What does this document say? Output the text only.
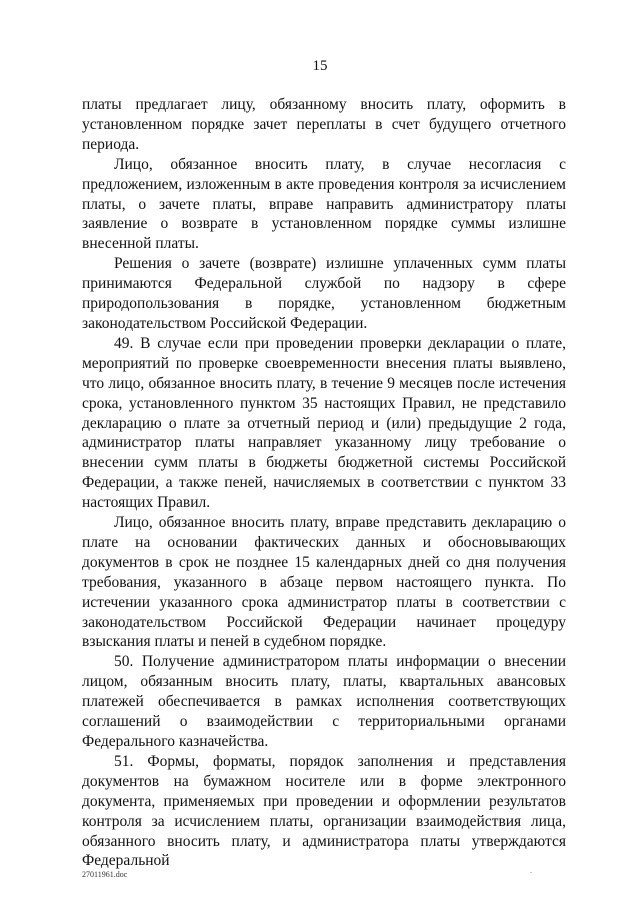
15

платы предлагает лицу, обязанному вносить плату, оформить в установленном порядке зачет переплаты в счет будущего отчетного периода.

Лицо, обязанное вносить плату, в случае несогласия с предложением, изложенным в акте проведения контроля за исчислением платы, о зачете платы, вправе направить администратору платы заявление о возврате в установленном порядке суммы излишне внесенной платы.

Решения о зачете (возврате) излишне уплаченных сумм платы принимаются Федеральной службой по надзору в сфере природопользования в порядке, установленном бюджетным законодательством Российской Федерации.

49. В случае если при проведении проверки декларации о плате, мероприятий по проверке своевременности внесения платы выявлено, что лицо, обязанное вносить плату, в течение 9 месяцев после истечения срока, установленного пунктом 35 настоящих Правил, не представило декларацию о плате за отчетный период и (или) предыдущие 2 года, администратор платы направляет указанному лицу требование о внесении сумм платы в бюджеты бюджетной системы Российской Федерации, а также пеней, начисляемых в соответствии с пунктом 33 настоящих Правил.

Лицо, обязанное вносить плату, вправе представить декларацию о плате на основании фактических данных и обосновывающих документов в срок не позднее 15 календарных дней со дня получения требования, указанного в абзаце первом настоящего пункта. По истечении указанного срока администратор платы в соответствии с законодательством Российской Федерации начинает процедуру взыскания платы и пеней в судебном порядке.

50. Получение администратором платы информации о внесении лицом, обязанным вносить плату, платы, квартальных авансовых платежей обеспечивается в рамках исполнения соответствующих соглашений о взаимодействии с территориальными органами Федерального казначейства.

51. Формы, форматы, порядок заполнения и представления документов на бумажном носителе или в форме электронного документа, применяемых при проведении и оформлении результатов контроля за исчислением платы, организации взаимодействия лица, обязанного вносить плату, и администратора платы утверждаются Федеральной

27011961.doc	.
